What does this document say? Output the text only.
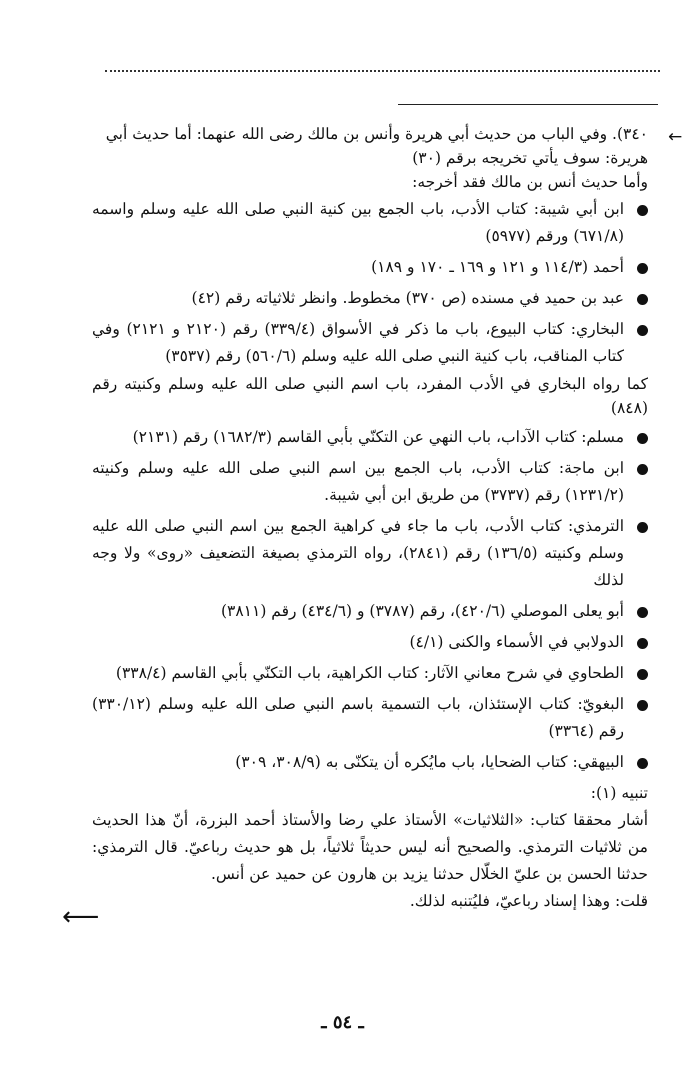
←

٣٤٠). وفي الباب من حديث أبي هريرة وأنس بن مالك رضى الله عنهما: أما حديث أبي

هريرة: سوف يأتي تخريجه برقم (٣٠)

وأما حديث أنس بن مالك فقد أخرجه:

ابن أبي شيبة: كتاب الأدب، باب الجمع بين كنية النبي صلى الله عليه وسلم واسمه (٦٧١/٨) ورقم (٥٩٧٧)
أحمد (١١٤/٣ و ١٢١ و ١٦٩ ـ ١٧٠ و ١٨٩)
عبد بن حميد في مسنده (ص ٣٧٠) مخطوط. وانظر ثلاثياته رقم (٤٢)
البخاري: كتاب البيوع، باب ما ذكر في الأسواق (٣٣٩/٤) رقم (٢١٢٠ و ٢١٢١) وفي كتاب المناقب، باب كنية النبي صلى الله عليه وسلم (٥٦٠/٦) رقم (٣٥٣٧)
كما رواه البخاري في الأدب المفرد، باب اسم النبي صلى الله عليه وسلم وكنيته رقم (٨٤٨)
مسلم: كتاب الآداب، باب النهي عن التكنّي بأبي القاسم (١٦٨٢/٣) رقم (٢١٣١)
ابن ماجة: كتاب الأدب، باب الجمع بين اسم النبي صلى الله عليه وسلم وكنيته (١٢٣١/٢) رقم (٣٧٣٧) من طريق ابن أبي شيبة.
الترمذي: كتاب الأدب، باب ما جاء في كراهية الجمع بين اسم النبي صلى الله عليه وسلم وكنيته (١٣٦/٥) رقم (٢٨٤١)، رواه الترمذي بصيغة التضعيف «روى» ولا وجه لذلك
أبو يعلى الموصلي (٤٢٠/٦)، رقم (٣٧٨٧) و (٤٣٤/٦) رقم (٣٨١١)
الدولابي في الأسماء والكنى (٤/١)
الطحاوي في شرح معاني الآثار: كتاب الكراهية، باب التكنّي بأبي القاسم (٣٣٨/٤)
البغويّ: كتاب الإستئذان، باب التسمية باسم النبي صلى الله عليه وسلم (٣٣٠/١٢) رقم (٣٣٦٤)
البيهقي: كتاب الضحايا، باب مايُكره أن يتكنّى به (٣٠٨/٩، ٣٠٩)

تنبيه (١):

أشار محققا كتاب: «الثلاثيات» الأستاذ علي رضا والأستاذ أحمد البزرة، أنّ هذا الحديث من ثلاثيات الترمذي. والصحيح أنه ليس حديثاً ثلاثياً، بل هو حديث رباعيّ. قال الترمذي: حدثنا الحسن بن عليّ الخلّال حدثنا يزيد بن هارون عن حميد عن أنس.

قلت: وهذا إسناد رباعيّ، فليُتنبه لذلك.

⟵
ـ ٥٤ ـ
